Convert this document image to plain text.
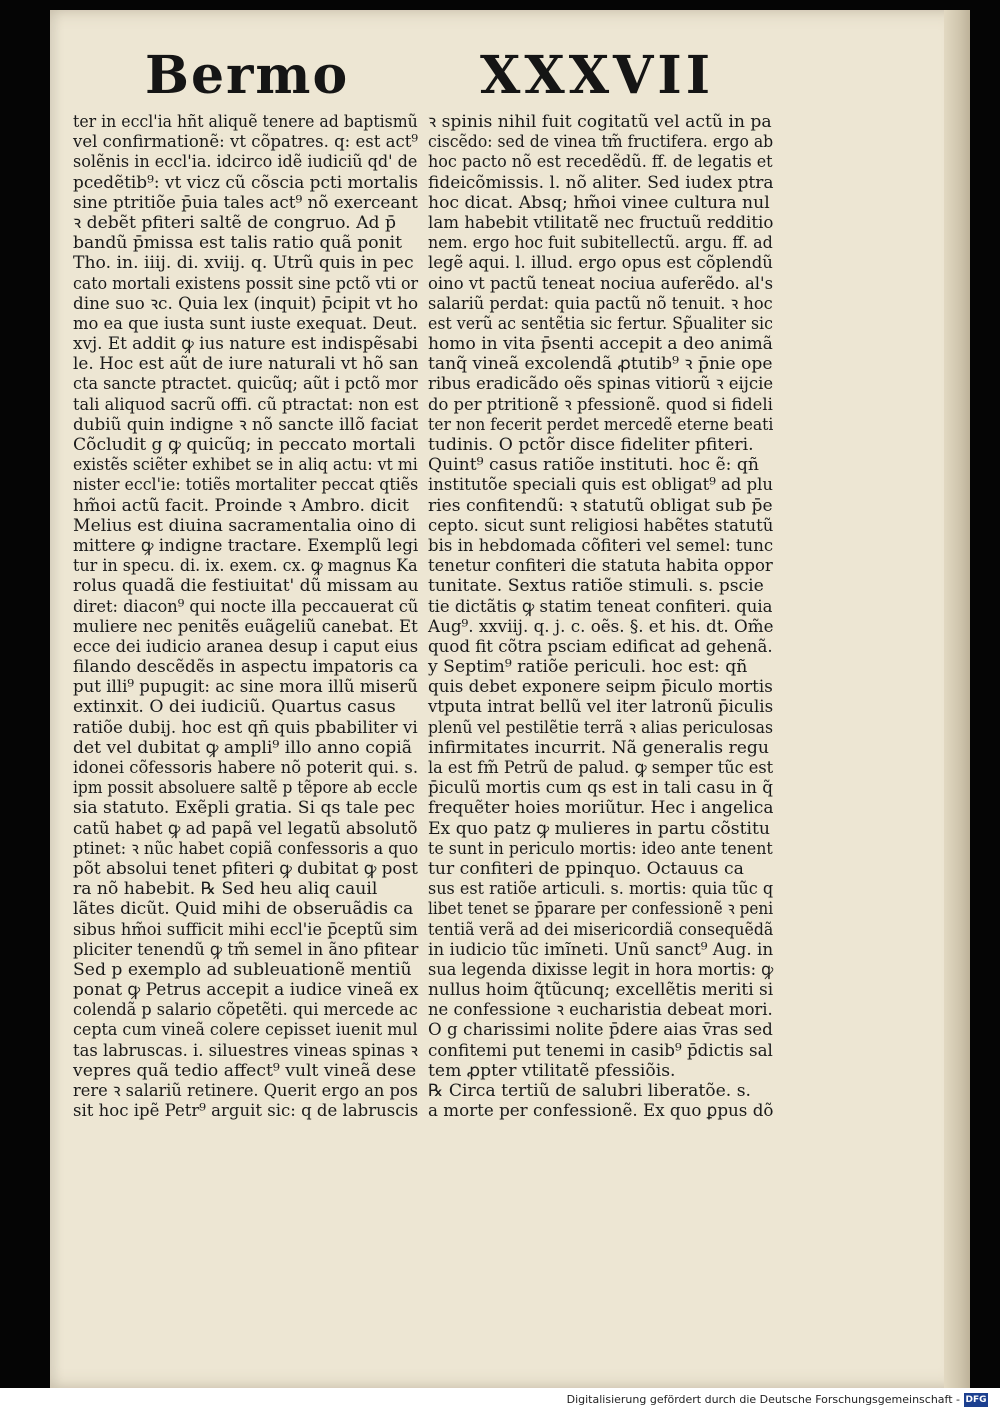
Bermo	XXXVII
ter in eccl'ia hñt aliquẽ tenere ad baptismũ
vel confirmationẽ: vt cõpatres. q: est act⁹
solẽnis in eccl'ia. idcirco idẽ iudiciũ qd' de
pcedẽtib⁹: vt vicz cũ cõscia pcti mortalis
sine ptritiõe p̄uia tales act⁹ nõ exerceant
ꝛ debẽt pfiteri saltẽ de congruo. Ad p̄
bandũ p̄missa est talis ratio quã ponit
Tho. in. iiij. di. xviij. q. Utrũ quis in pec
cato mortali existens possit sine pctõ vti or
dine suo ꝛc. Quia lex (inquit) p̄cipit vt ho
mo ea que iusta sunt iuste exequat. Deut.
xvj. Et addit ꝙ ius nature est indispẽsabi
le. Hoc est aũt de iure naturali vt hõ san
cta sancte ptractet. quicũq; aũt i pctõ mor
tali aliquod sacrũ offi. cũ ptractat: non est
dubiũ quin indigne ꝛ nõ sancte illõ faciat
Cõcludit g ꝙ quicũq; in peccato mortali
existẽs sciẽter exhibet se in aliq actu: vt mi
nister eccl'ie: totiẽs mortaliter peccat qtiẽs
hm̃oi actũ facit. Proinde ꝛ Ambro. dicit
Melius est diuina sacramentalia oino di
mittere ꝙ indigne tractare. Exemplũ legi
tur in specu. di. ix. exem. cx. ꝙ magnus Ka
rolus quadã die festiuitat' dũ missam au
diret: diacon⁹ qui nocte illa peccauerat cũ
muliere nec penitẽs euãgeliũ canebat. Et
ecce dei iudicio aranea desup i caput eius
filando descẽdẽs in aspectu impatoris ca
put illi⁹ pupugit: ac sine mora illũ miserũ
extinxit. O dei iudiciũ. Quartus casus
ratiõe dubij. hoc est qñ quis pbabiliter vi
det vel dubitat ꝙ ampli⁹ illo anno copiã
idonei cõfessoris habere nõ poterit qui. s.
ipm possit absoluere saltẽ p tẽpore ab eccle
sia statuto. Exẽpli gratia. Si qs tale pec
catũ habet ꝙ ad papã vel legatũ absolutõ
ptinet: ꝛ nũc habet copiã confessoris a quo
põt absolui tenet pfiteri ꝙ dubitat ꝙ post
ra nõ habebit. ℞ Sed heu aliq cauil
lãtes dicũt. Quid mihi de obseruãdis ca
sibus hm̃oi sufficit mihi eccl'ie p̄ceptũ sim
pliciter tenendũ ꝙ tm̃ semel in ãno pfitear
Sed p exemplo ad subleuationẽ mentiũ
ponat ꝙ Petrus accepit a iudice vineã ex
colendã p salario cõpetẽti. qui mercede ac
cepta cum vineã colere cepisset iuenit mul
tas labruscas. i. siluestres vineas spinas ꝛ
vepres quã tedio affect⁹ vult vineã dese
rere ꝛ salariũ retinere. Querit ergo an pos
sit hoc ipẽ Petr⁹ arguit sic: q de labruscis
ꝛ spinis nihil fuit cogitatũ vel actũ in pa
ciscẽdo: sed de vinea tm̃ fructifera. ergo ab
hoc pacto nõ est recedẽdũ. ff. de legatis et
fideicõmissis. l. nõ aliter. Sed iudex ptra
hoc dicat. Absq; hm̃oi vinee cultura nul
lam habebit vtilitatẽ nec fructuũ redditio
nem. ergo hoc fuit subitellectũ. argu. ff. ad
legẽ aqui. l. illud. ergo opus est cõplendũ
oino vt pactũ teneat nociua auferẽdo. al's
salariũ perdat: quia pactũ nõ tenuit. ꝛ hoc
est verũ ac sentẽtia sic fertur. Sp̃ualiter sic
homo in vita p̄senti accepit a deo animã
tanq̃ vineã excolendã ꝓtutib⁹ ꝛ p̄nie ope
ribus eradicãdo oẽs spinas vitiorũ ꝛ eijcie
do per ptritionẽ ꝛ pfessionẽ. quod si fideli
ter non fecerit perdet mercedẽ eterne beati
tudinis. O pctõr disce fideliter pfiteri.
Quint⁹ casus ratiõe instituti. hoc ẽ: qñ
institutõe speciali quis est obligat⁹ ad plu
ries confitendũ: ꝛ statutũ obligat sub p̄e
cepto. sicut sunt religiosi habẽtes statutũ
bis in hebdomada cõfiteri vel semel: tunc
tenetur confiteri die statuta habita oppor
tunitate. Sextus ratiõe stimuli. s. pscie
tie dictãtis ꝙ statim teneat confiteri. quia
Aug⁹. xxviij. q. j. c. oẽs. §. et his. dt. Om̃e
quod fit cõtra psciam edificat ad gehenã.
y Septim⁹ ratiõe periculi. hoc est: qñ
quis debet exponere seipm p̄iculo mortis
vtputa intrat bellũ vel iter latronũ p̄iculis
plenũ vel pestilẽtie terrã ꝛ alias periculosas
infirmitates incurrit. Nã generalis regu
la est fm̃ Petrũ de palud. ꝙ semper tũc est
p̄iculũ mortis cum qs est in tali casu in q̃
frequẽter hoies moriũtur. Hec i angelica
Ex quo patz ꝙ mulieres in partu cõstitu
te sunt in periculo mortis: ideo ante tenent
tur confiteri de ppinquo. Octauus ca
sus est ratiõe articuli. s. mortis: quia tũc q
libet tenet se p̄parare per confessionẽ ꝛ peni
tentiã verã ad dei misericordiã consequẽdã
in iudicio tũc imĩneti. Unũ sanct⁹ Aug. in
sua legenda dixisse legit in hora mortis: ꝙ
nullus hoim q̃tũcunq; excellẽtis meriti si
ne confessione ꝛ eucharistia debeat mori.
O g charissimi nolite p̄dere aias v̄ras sed
confitemi put tenemi in casib⁹ p̄dictis sal
tem ꝓpter vtilitatẽ pfessiõis.
℞ Circa tertiũ de salubri liberatõe. s.
a morte per confessionẽ. Ex quo ꝑpus dõ
Digitalisierung gefördert durch die Deutsche Forschungsgemeinschaft - DFG
